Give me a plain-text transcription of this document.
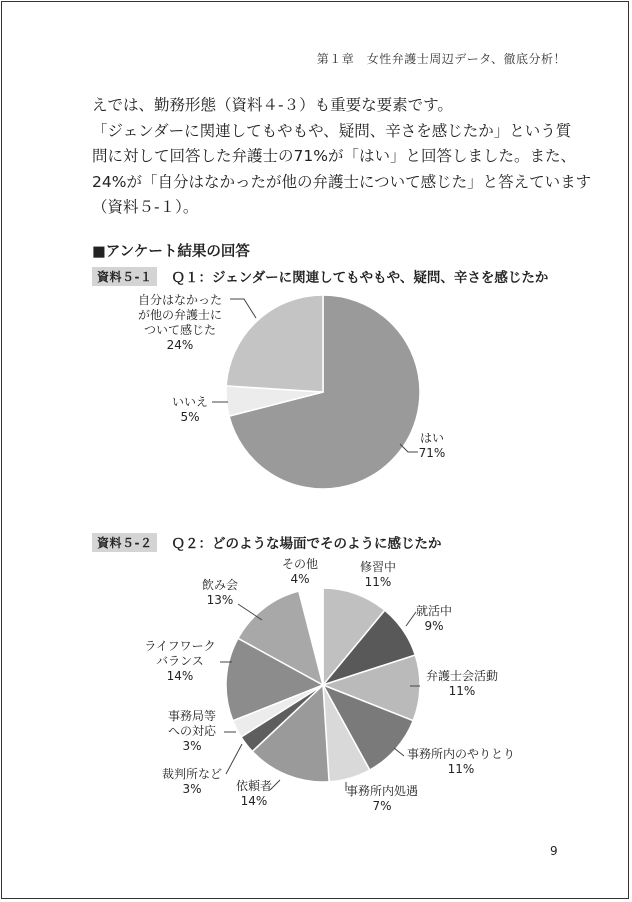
第１章　女性弁護士周辺データ、徹底分析！

えでは、勤務形態（資料４-３）も重要な要素です。

「ジェンダーに関連してもやもや、疑問、辛さを感じたか」という質

問に対して回答した弁護士の71%が「はい」と回答しました。また、

24%が「自分はなかったが他の弁護士について感じた」と答えています

（資料５-１）。

■アンケート結果の回答
資料５-１	Ｑ１：ジェンダーに関連してもやもや、疑問、辛さを感じたか
資料５-２	Ｑ２：どのような場面でそのように感じたか
はい 71%
いいえ 5%
自分はなかったが他の弁護士について感じた 24%
修習中 11%
就活中 9%
弁護士会活動 11%
事務所内のやりとり 11%
事務所内処遇 7%
依頼者 14%
裁判所など 3%
事務局等への対応 3%
ライフワークバランス 14%
飲み会 13%
その他 4%
9
